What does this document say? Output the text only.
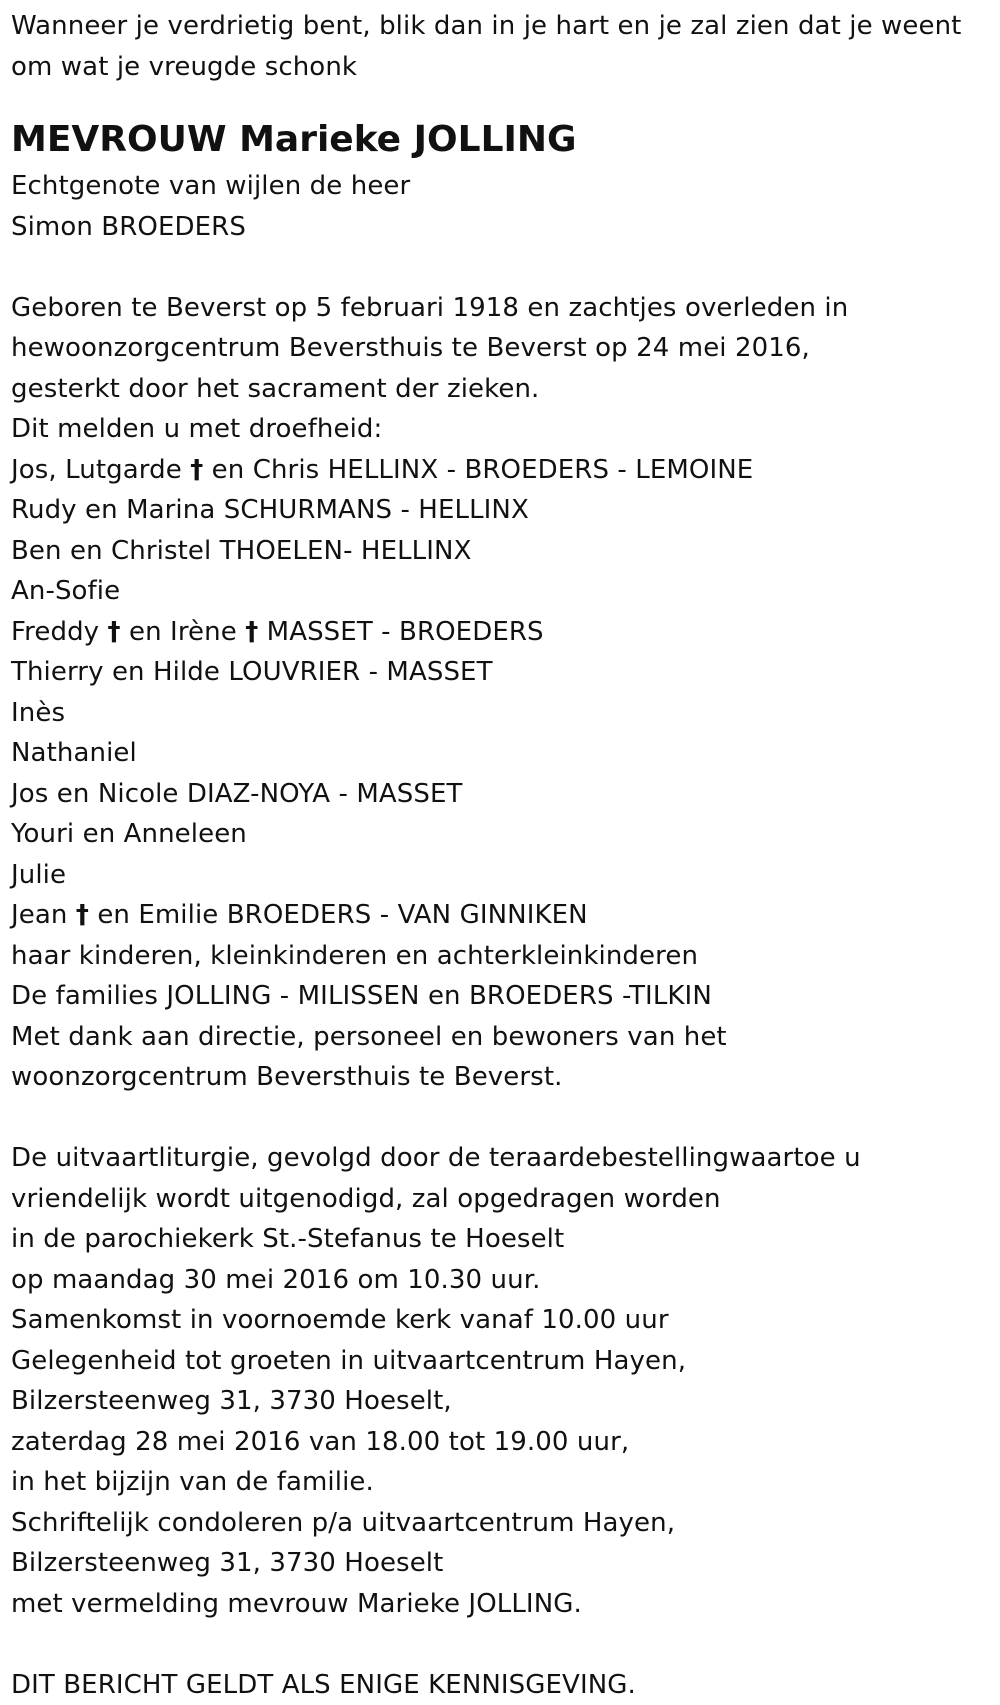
Wanneer je verdrietig bent, blik dan in je hart en je zal zien dat je weent
om wat je vreugde schonk
MEVROUW Marieke JOLLING
Echtgenote van wijlen de heer
Simon BROEDERS
Geboren te Beverst op 5 februari 1918 en zachtjes overleden in
hewoonzorgcentrum Beversthuis te Beverst op 24 mei 2016,
gesterkt door het sacrament der zieken.
Dit melden u met droefheid:
Jos, Lutgarde † en Chris HELLINX - BROEDERS - LEMOINE
Rudy en Marina SCHURMANS - HELLINX
Ben en Christel THOELEN- HELLINX
An-Sofie
Freddy † en Irène † MASSET - BROEDERS
Thierry en Hilde LOUVRIER - MASSET
Inès
Nathaniel
Jos en Nicole DIAZ-NOYA - MASSET
Youri en Anneleen
Julie
Jean † en Emilie BROEDERS - VAN GINNIKEN
haar kinderen, kleinkinderen en achterkleinkinderen
De families JOLLING - MILISSEN en BROEDERS -TILKIN
Met dank aan directie, personeel en bewoners van het
woonzorgcentrum Beversthuis te Beverst.
De uitvaartliturgie, gevolgd door de teraardebestellingwaartoe u
vriendelijk wordt uitgenodigd, zal opgedragen worden
in de parochiekerk St.-Stefanus te Hoeselt
op maandag 30 mei 2016 om 10.30 uur.
Samenkomst in voornoemde kerk vanaf 10.00 uur
Gelegenheid tot groeten in uitvaartcentrum Hayen,
Bilzersteenweg 31, 3730 Hoeselt,
zaterdag 28 mei 2016 van 18.00 tot 19.00 uur,
in het bijzijn van de familie.
Schriftelijk condoleren p/a uitvaartcentrum Hayen,
Bilzersteenweg 31, 3730 Hoeselt
met vermelding mevrouw Marieke JOLLING.
DIT BERICHT GELDT ALS ENIGE KENNISGEVING.
